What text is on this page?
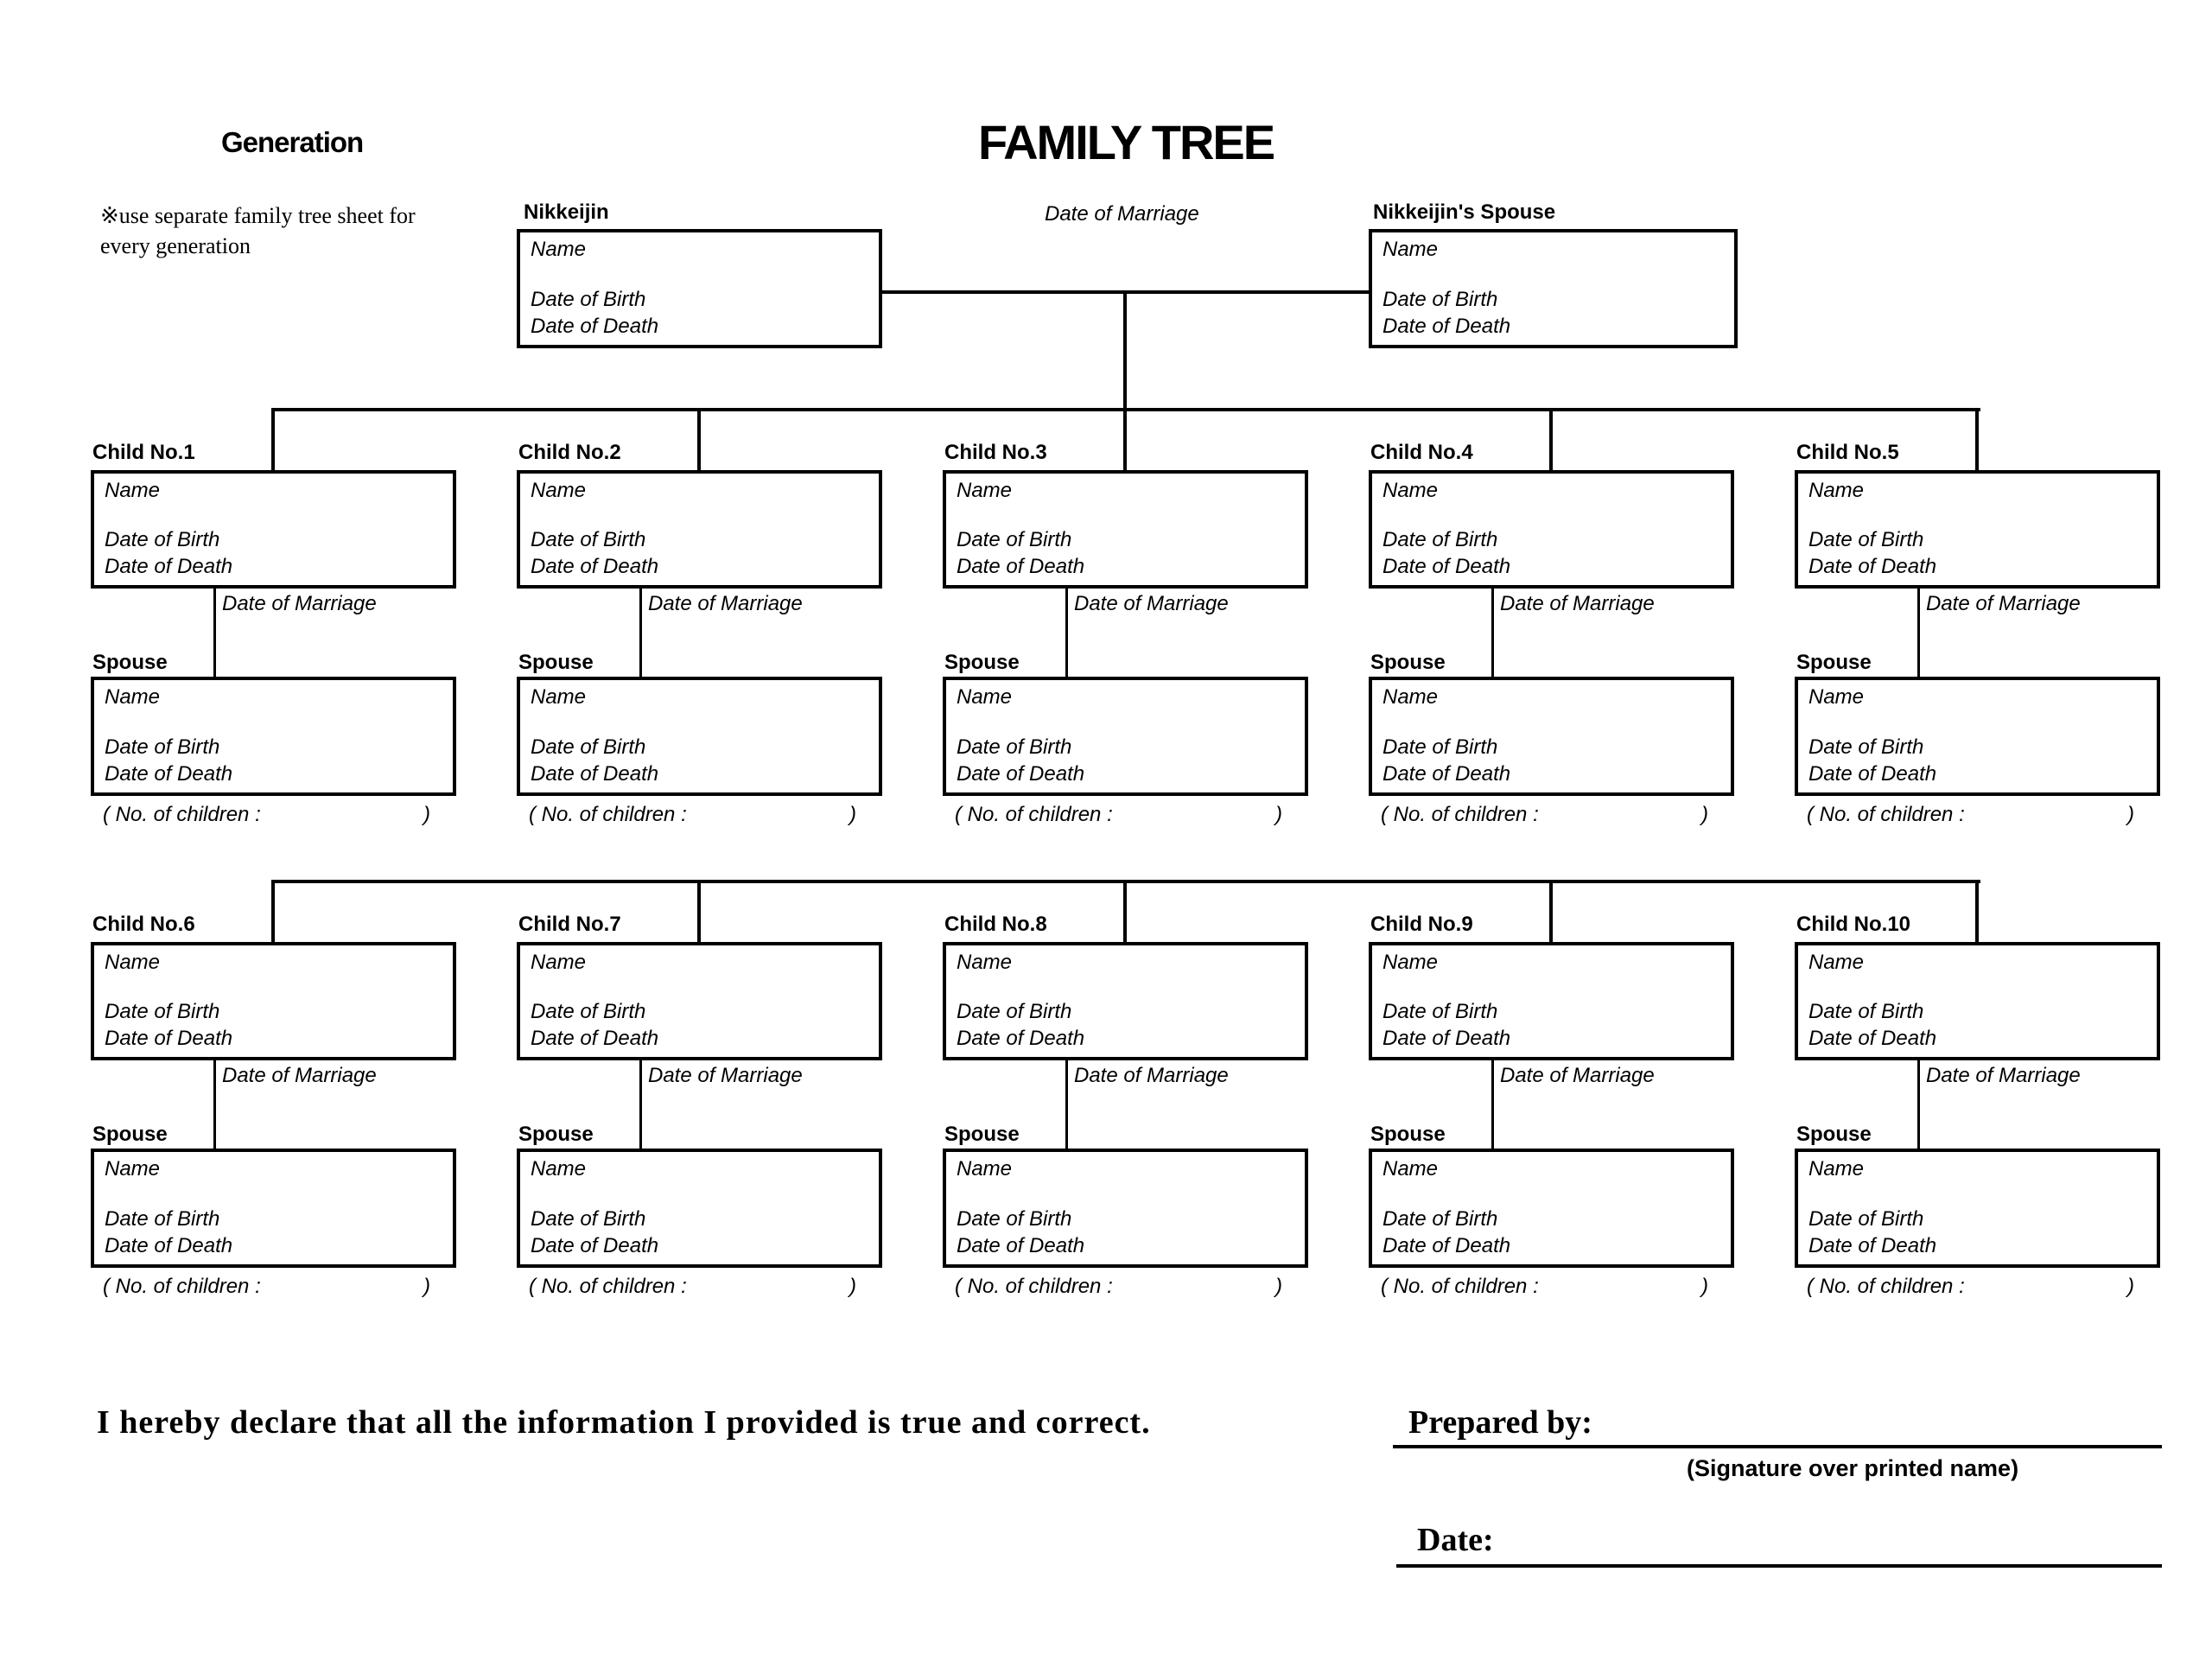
Generation	FAMILY TREE
※use separate family tree sheet for
every generation
Nikkeijin	Date of Marriage	Nikkeijin's Spouse
Name
Date of Birth
Date of Death
Name
Date of Birth
Date of Death
Child No.1
Name
Date of Birth
Date of Death
Date of Marriage
Spouse
Name
Date of Birth
Date of Death
( No. of children :	)
Child No.2
Name
Date of Birth
Date of Death
Date of Marriage
Spouse
Name
Date of Birth
Date of Death
( No. of children :	)
Child No.3
Name
Date of Birth
Date of Death
Date of Marriage
Spouse
Name
Date of Birth
Date of Death
( No. of children :	)
Child No.4
Name
Date of Birth
Date of Death
Date of Marriage
Spouse
Name
Date of Birth
Date of Death
( No. of children :	)
Child No.5
Name
Date of Birth
Date of Death
Date of Marriage
Spouse
Name
Date of Birth
Date of Death
( No. of children :	)
Child No.6
Name
Date of Birth
Date of Death
Date of Marriage
Spouse
Name
Date of Birth
Date of Death
( No. of children :	)
Child No.7
Name
Date of Birth
Date of Death
Date of Marriage
Spouse
Name
Date of Birth
Date of Death
( No. of children :	)
Child No.8
Name
Date of Birth
Date of Death
Date of Marriage
Spouse
Name
Date of Birth
Date of Death
( No. of children :	)
Child No.9
Name
Date of Birth
Date of Death
Date of Marriage
Spouse
Name
Date of Birth
Date of Death
( No. of children :	)
Child No.10
Name
Date of Birth
Date of Death
Date of Marriage
Spouse
Name
Date of Birth
Date of Death
( No. of children :	)
I hereby declare that all the information I provided is true and correct.	Prepared by:
(Signature over printed name)
Date:
